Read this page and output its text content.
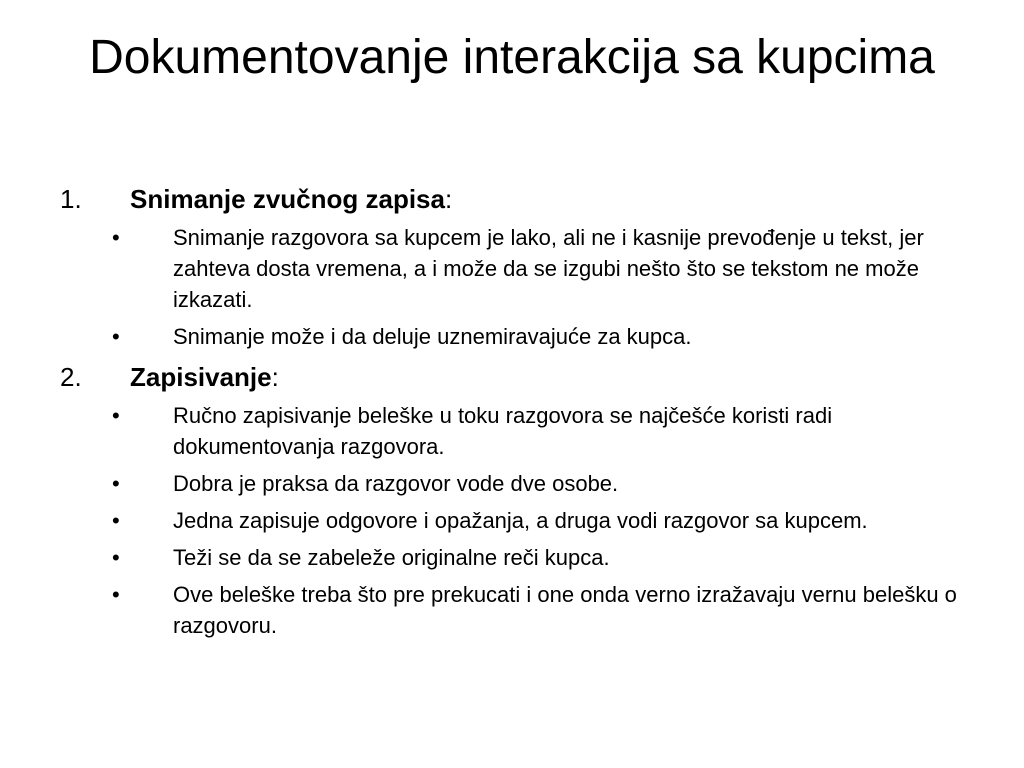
Dokumentovanje interakcija sa kupcima
1.	Snimanje zvučnog zapisa:
•	Snimanje razgovora sa kupcem je lako, ali ne i kasnije prevođenje u tekst, jer zahteva dosta vremena, a i može da se izgubi nešto što se tekstom ne može izkazati.
•	Snimanje može i da deluje uznemiravajuće za kupca.
2.	Zapisivanje:
•	Ručno zapisivanje beleške u toku razgovora se najčešće koristi radi dokumentovanja razgovora.
•	Dobra je praksa da razgovor vode dve osobe.
•	Jedna zapisuje odgovore i opažanja, a druga vodi razgovor sa kupcem.
•	Teži se da se zabeleže originalne reči kupca.
•	Ove beleške treba što pre prekucati i one onda verno izražavaju vernu belešku o razgovoru.
